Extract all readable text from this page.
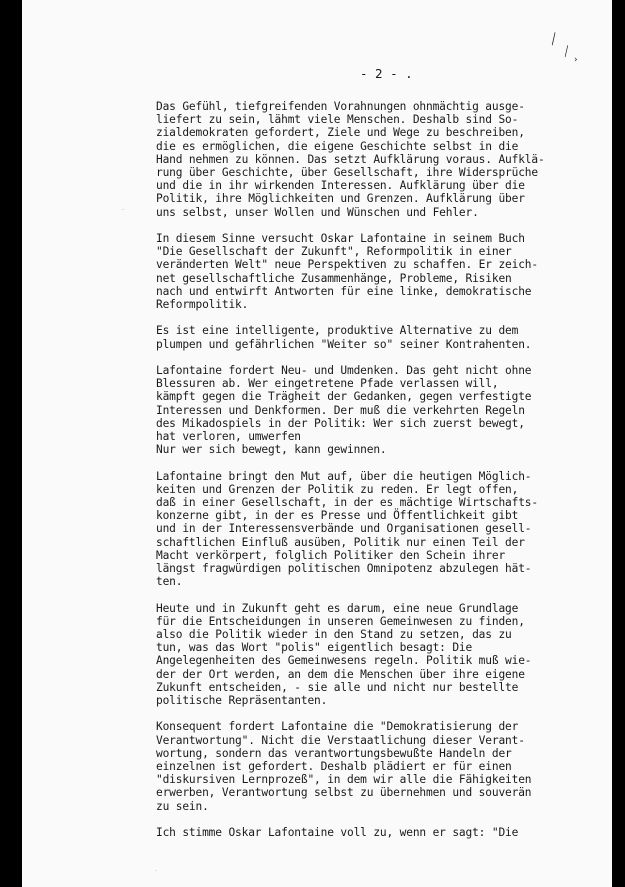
╲
╲
›
·
·
- 2 - .

Das Gefühl, tiefgreifenden Vorahnungen ohnmächtig ausge-
liefert zu sein, lähmt viele Menschen. Deshalb sind So-
zialdemokraten gefordert, Ziele und Wege zu beschreiben,
die es ermöglichen, die eigene Geschichte selbst in die
Hand nehmen zu können. Das setzt Aufklärung voraus. Aufklä-
rung über Geschichte, über Gesellschaft, ihre Widersprüche
und die in ihr wirkenden Interessen. Aufklärung über die
Politik, ihre Möglichkeiten und Grenzen. Aufklärung über
uns selbst, unser Wollen und Wünschen und Fehler.

In diesem Sinne versucht Oskar Lafontaine in seinem Buch
"Die Gesellschaft der Zukunft", Reformpolitik in einer
veränderten Welt" neue Perspektiven zu schaffen. Er zeich-
net gesellschaftliche Zusammenhänge, Probleme, Risiken
nach und entwirft Antworten für eine linke, demokratische
Reformpolitik.

Es ist eine intelligente, produktive Alternative zu dem
plumpen und gefährlichen "Weiter so" seiner Kontrahenten.

Lafontaine fordert Neu- und Umdenken. Das geht nicht ohne
Blessuren ab. Wer eingetretene Pfade verlassen will,
kämpft gegen die Trägheit der Gedanken, gegen verfestigte
Interessen und Denkformen. Der muß die verkehrten Regeln
des Mikadospiels in der Politik: Wer sich zuerst bewegt,
hat verloren, umwerfen
Nur wer sich bewegt, kann gewinnen.

Lafontaine bringt den Mut auf, über die heutigen Möglich-
keiten und Grenzen der Politik zu reden. Er legt offen,
daß in einer Gesellschaft, in der es mächtige Wirtschafts-
konzerne gibt, in der es Presse und Öffentlichkeit gibt
und in der Interessensverbände und Organisationen gesell-
schaftlichen Einfluß ausüben, Politik nur einen Teil der
Macht verkörpert, folglich Politiker den Schein ihrer
längst fragwürdigen politischen Omnipotenz abzulegen hät-
ten.

Heute und in Zukunft geht es darum, eine neue Grundlage
für die Entscheidungen in unseren Gemeinwesen zu finden,
also die Politik wieder in den Stand zu setzen, das zu
tun, was das Wort "polis" eigentlich besagt: Die
Angelegenheiten des Gemeinwesens regeln. Politik muß wie-
der der Ort werden, an dem die Menschen über ihre eigene
Zukunft entscheiden, - sie alle und nicht nur bestellte
politische Repräsentanten.

Konsequent fordert Lafontaine die "Demokratisierung der
Verantwortung". Nicht die Verstaatlichung dieser Verant-
wortung, sondern das verantwortungsbewußte Handeln der
einzelnen ist gefordert. Deshalb plädiert er für einen
"diskursiven Lernprozeß", in dem wir alle die Fähigkeiten
erwerben, Verantwortung selbst zu übernehmen und souverän
zu sein.

Ich stimme Oskar Lafontaine voll zu, wenn er sagt: "Die
